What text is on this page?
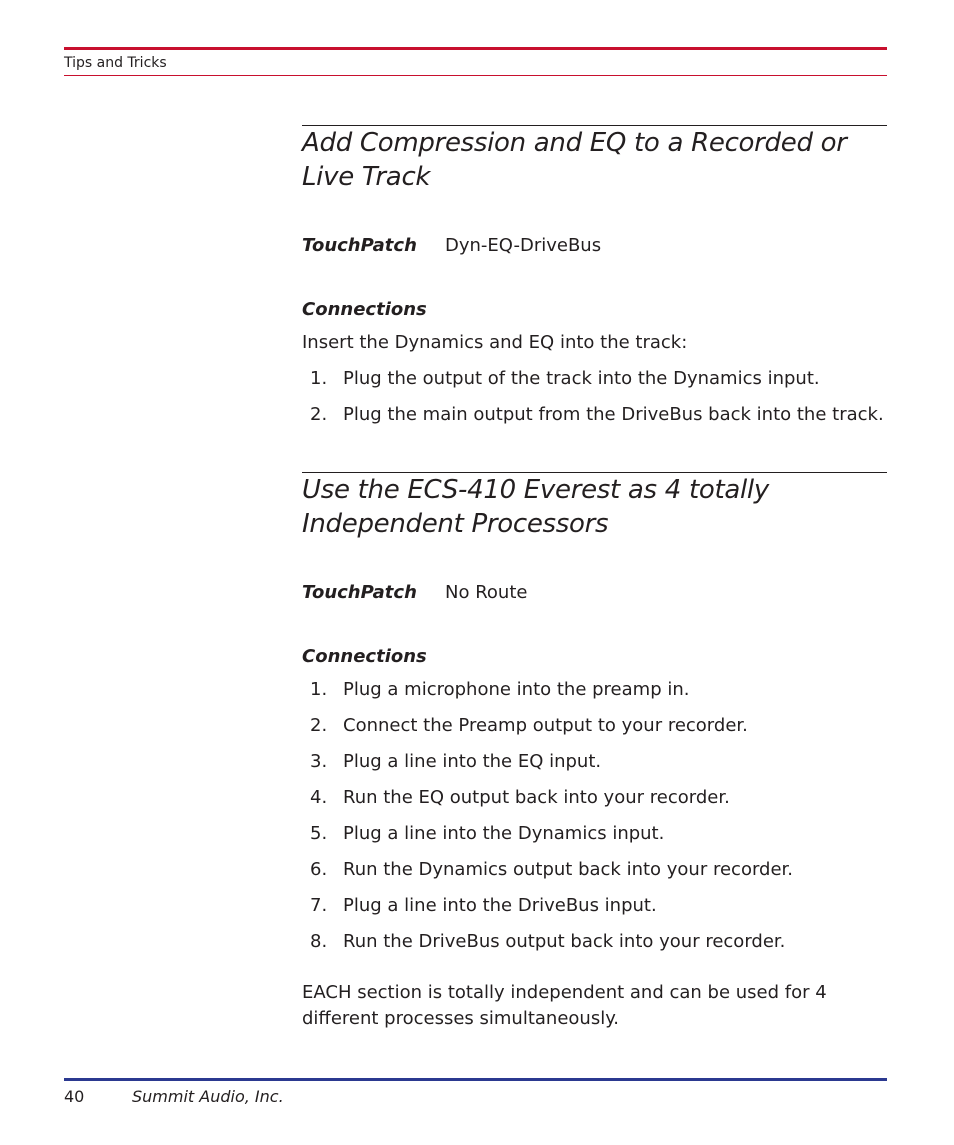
Tips and Tricks
Add Compression and EQ to a Recorded or Live Track
TouchPatch Dyn-EQ-DriveBus
Connections
Insert the Dynamics and EQ into the track:
1. Plug the output of the track into the Dynamics input.
2. Plug the main output from the DriveBus back into the track.
Use the ECS-410 Everest as 4 totally Independent Processors
TouchPatch No Route
Connections
1. Plug a microphone into the preamp in.
2. Connect the Preamp output to your recorder.
3. Plug a line into the EQ input.
4. Run the EQ output back into your recorder.
5. Plug a line into the Dynamics input.
6. Run the Dynamics output back into your recorder.
7. Plug a line into the DriveBus input.
8. Run the DriveBus output back into your recorder.
EACH section is totally independent and can be used for 4 different processes simultaneously.
40	Summit Audio, Inc.
